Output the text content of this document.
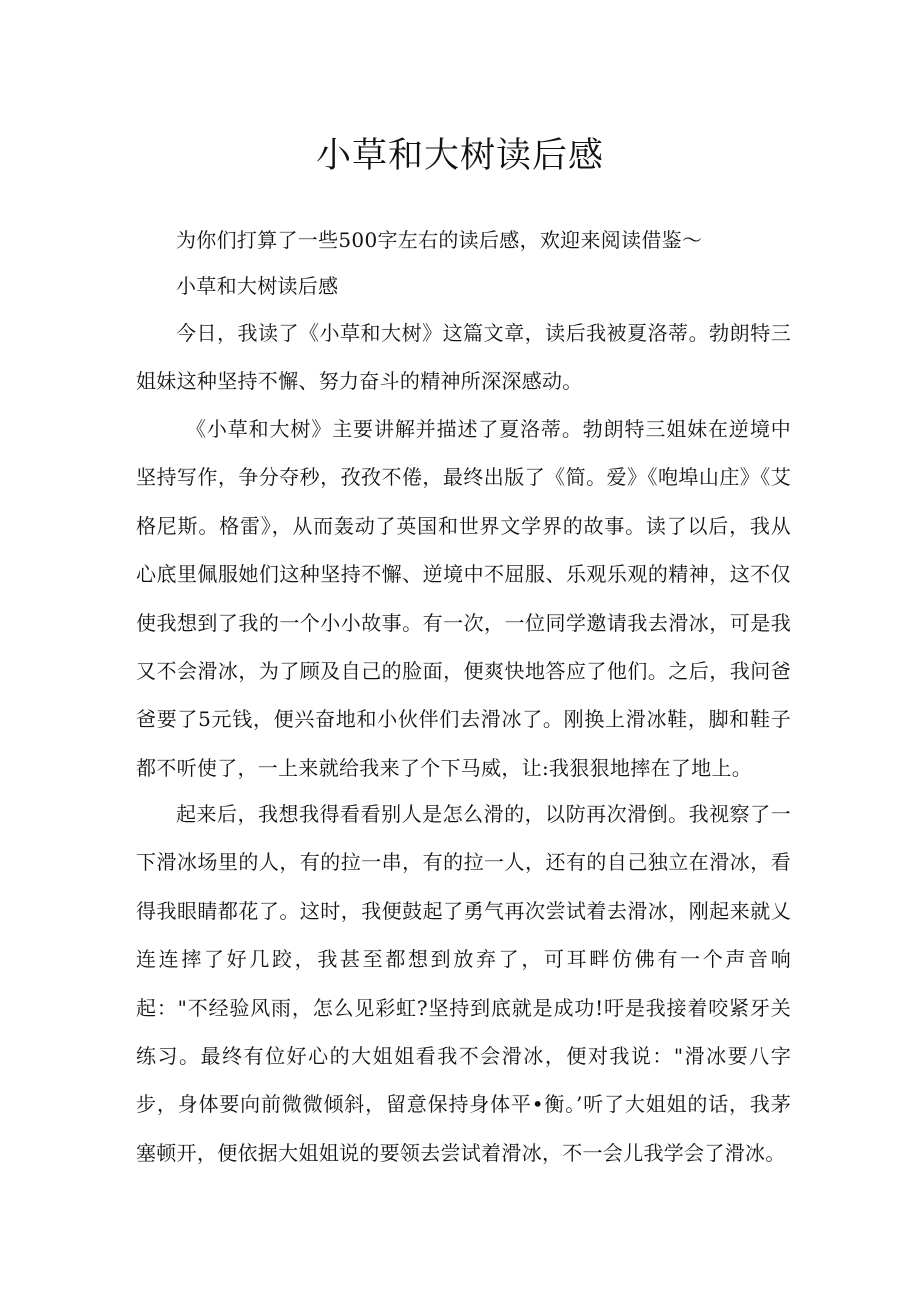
小草和大树读后感

为你们打算了一些500字左右的读后感，欢迎来阅读借鉴～

小草和大树读后感

今日，我读了《小草和大树》这篇文章，读后我被夏洛蒂。勃朗特三姐妹这种坚持不懈、努力奋斗的精神所深深感动。

《小草和大树》主要讲解并描述了夏洛蒂。勃朗特三姐妹在逆境中坚持写作，争分夺秒，孜孜不倦，最终出版了《简。爱》《咆埠山庄》《艾格尼斯。格雷》，从而轰动了英国和世界文学界的故事。读了以后，我从心底里佩服她们这种坚持不懈、逆境中不屈服、乐观乐观的精神，这不仅使我想到了我的一个小小故事。有一次，一位同学邀请我去滑冰，可是我又不会滑冰，为了顾及自己的脸面，便爽快地答应了他们。之后，我问爸爸要了5元钱，便兴奋地和小伙伴们去滑冰了。刚换上滑冰鞋，脚和鞋子都不听使了，一上来就给我来了个下马威，让:我狠狠地摔在了地上。

起来后，我想我得看看别人是怎么滑的，以防再次滑倒。我视察了一下滑冰场里的人，有的拉一串，有的拉一人，还有的自己独立在滑冰，看得我眼睛都花了。这时，我便鼓起了勇气再次尝试着去滑冰，刚起来就乂连连摔了好几跤，我甚至都想到放弃了，可耳畔仿佛有一个声音响起："不经验风雨，怎么见彩虹?坚持到底就是成功!吁是我接着咬紧牙关练习。最终有位好心的大姐姐看我不会滑冰，便对我说："滑冰要八字步，身体要向前微微倾斜，留意保持身体平•衡。’听了大姐姐的话，我茅塞顿开，便依据大姐姐说的要领去尝试着滑冰，不一会儿我学会了滑冰。
